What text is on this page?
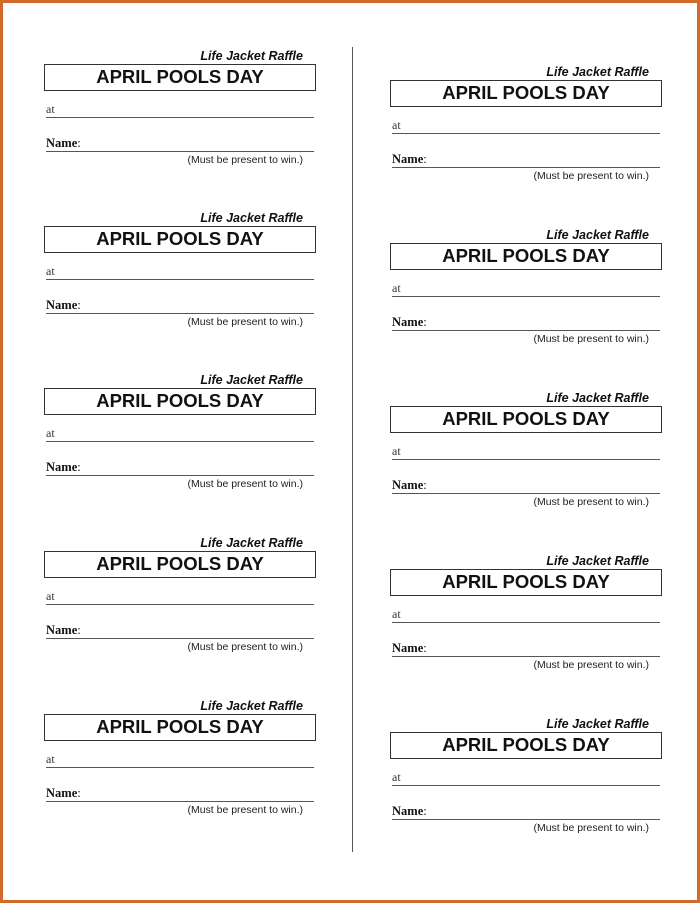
Life Jacket Raffle
APRIL POOLS DAY
at
Name:
(Must be present to win.)
Life Jacket Raffle
APRIL POOLS DAY
at
Name:
(Must be present to win.)
Life Jacket Raffle
APRIL POOLS DAY
at
Name:
(Must be present to win.)
Life Jacket Raffle
APRIL POOLS DAY
at
Name:
(Must be present to win.)
Life Jacket Raffle
APRIL POOLS DAY
at
Name:
(Must be present to win.)
Life Jacket Raffle
APRIL POOLS DAY
at
Name:
(Must be present to win.)
Life Jacket Raffle
APRIL POOLS DAY
at
Name:
(Must be present to win.)
Life Jacket Raffle
APRIL POOLS DAY
at
Name:
(Must be present to win.)
Life Jacket Raffle
APRIL POOLS DAY
at
Name:
(Must be present to win.)
Life Jacket Raffle
APRIL POOLS DAY
at
Name:
(Must be present to win.)
